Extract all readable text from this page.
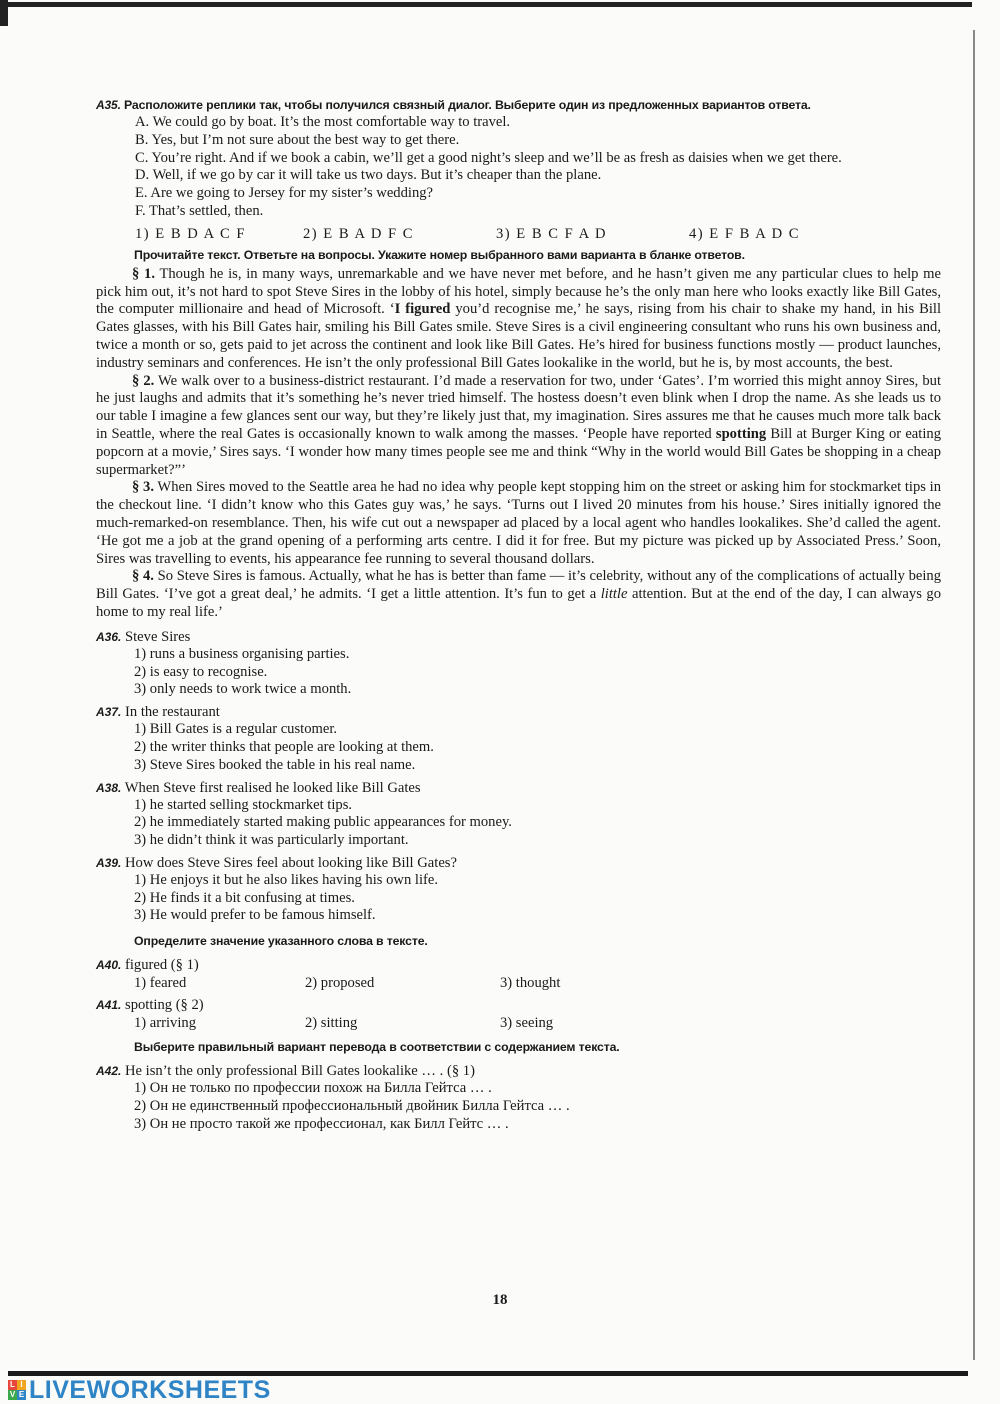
A35. Расположите реплики так, чтобы получился связный диалог. Выберите один из предложенных вариантов ответа.

A. We could go by boat. It’s the most comfortable way to travel.

B. Yes, but I’m not sure about the best way to get there.

C. You’re right. And if we book a cabin, we’ll get a good night’s sleep and we’ll be as fresh as daisies when we get there.

D. Well, if we go by car it will take us two days. But it’s cheaper than the plane.

E. Are we going to Jersey for my sister’s wedding?

F. That’s settled, then.

1) E B D A C F	2) E B A D F C	3) E B C F A D	4) E F B A D C

Прочитайте текст. Ответьте на вопросы. Укажите номер выбранного вами варианта в бланке ответов.

§ 1. Though he is, in many ways, unremarkable and we have never met before, and he hasn’t given me any particular clues to help me pick him out, it’s not hard to spot Steve Sires in the lobby of his hotel, simply because he’s the only man here who looks exactly like Bill Gates, the computer millionaire and head of Microsoft. ‘I figured you’d recognise me,’ he says, rising from his chair to shake my hand, in his Bill Gates glasses, with his Bill Gates hair, smiling his Bill Gates smile. Steve Sires is a civil engineering consultant who runs his own business and, twice a month or so, gets paid to jet across the continent and look like Bill Gates. He’s hired for business functions mostly — product launches, industry seminars and conferences. He isn’t the only professional Bill Gates lookalike in the world, but he is, by most accounts, the best.

§ 2. We walk over to a business-district restaurant. I’d made a reservation for two, under ‘Gates’. I’m worried this might annoy Sires, but he just laughs and admits that it’s something he’s never tried himself. The hostess doesn’t even blink when I drop the name. As she leads us to our table I imagine a few glances sent our way, but they’re likely just that, my imagination. Sires assures me that he causes much more talk back in Seattle, where the real Gates is occasionally known to walk among the masses. ‘People have reported spotting Bill at Burger King or eating popcorn at a movie,’ Sires says. ‘I wonder how many times people see me and think “Why in the world would Bill Gates be shopping in a cheap supermarket?”’

§ 3. When Sires moved to the Seattle area he had no idea why people kept stopping him on the street or asking him for stockmarket tips in the checkout line. ‘I didn’t know who this Gates guy was,’ he says. ‘Turns out I lived 20 minutes from his house.’ Sires initially ignored the much-remarked-on resemblance. Then, his wife cut out a newspaper ad placed by a local agent who handles lookalikes. She’d called the agent. ‘He got me a job at the grand opening of a performing arts centre. I did it for free. But my picture was picked up by Associated Press.’ Soon, Sires was travelling to events, his appearance fee running to several thousand dollars.

§ 4. So Steve Sires is famous. Actually, what he has is better than fame — it’s celebrity, without any of the complications of actually being Bill Gates. ‘I’ve got a great deal,’ he admits. ‘I get a little attention. It’s fun to get a little attention. But at the end of the day, I can always go home to my real life.’

A36. Steve Sires

1) runs a business organising parties.

2) is easy to recognise.

3) only needs to work twice a month.

A37. In the restaurant

1) Bill Gates is a regular customer.

2) the writer thinks that people are looking at them.

3) Steve Sires booked the table in his real name.

A38. When Steve first realised he looked like Bill Gates

1) he started selling stockmarket tips.

2) he immediately started making public appearances for money.

3) he didn’t think it was particularly important.

A39. How does Steve Sires feel about looking like Bill Gates?

1) He enjoys it but he also likes having his own life.

2) He finds it a bit confusing at times.

3) He would prefer to be famous himself.

Определите значение указанного слова в тексте.

A40. figured (§ 1)

1) feared	2) proposed	3) thought

A41. spotting (§ 2)

1) arriving	2) sitting	3) seeing

Выберите правильный вариант перевода в соответствии с содержанием текста.

A42. He isn’t the only professional Bill Gates lookalike … . (§ 1)

1) Он не только по профессии похож на Билла Гейтса … .

2) Он не единственный профессиональный двойник Билла Гейтса … .

3) Он не просто такой же профессионал, как Билл Гейтс … .

18
L I
V E LIVEWORKSHEETS
